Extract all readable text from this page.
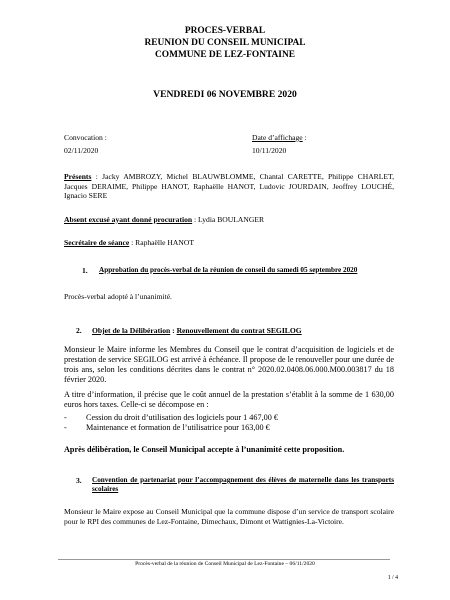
PROCES-VERBAL
REUNION DU CONSEIL MUNICIPAL
COMMUNE DE LEZ-FONTAINE
VENDREDI 06 NOVEMBRE 2020
Convocation :
02/11/2020
Date d’affichage :
10/11/2020
Présents : Jacky AMBROZY, Michel BLAUWBLOMME, Chantal CARETTE, Philippe CHARLET, Jacques DERAIME, Philippe HANOT, Raphaëlle HANOT, Ludovic JOURDAIN, Jeoffrey LOUCHÉ, Ignacio SERE
Absent excusé ayant donné procuration : Lydia BOULANGER
Secrétaire de séance : Raphaëlle HANOT
1. Approbation du procès-verbal de la réunion de conseil du samedi 05 septembre 2020
Procès-verbal adopté à l’unanimité.
2. Objet de la Délibération : Renouvellement du contrat SEGILOG
Monsieur le Maire informe les Membres du Conseil que le contrat d’acquisition de logiciels et de prestation de service SEGILOG est arrivé à échéance. Il propose de le renouveller pour une durée de trois ans, selon les conditions décrites dans le contrat n° 2020.02.0408.06.000.M00.003817 du 18 février 2020.
A titre d’information, il précise que le coût annuel de la prestation s’établit à la somme de 1 630,00 euros hors taxes. Celle-ci se décompose en :
- Cession du droit d’utilisation des logiciels pour 1 467,00 €
- Maintenance et formation de l’utilisatrice pour 163,00 €
Après délibération, le Conseil Municipal accepte à l’unanimité cette proposition.
3. Convention de partenariat pour l’accompagnement des élèves de maternelle dans les transports scolaires
Monsieur le Maire expose au Conseil Municipal que la commune dispose d’un service de transport scolaire pour le RPI des communes de Lez-Fontaine, Dimechaux, Dimont et Wattignies-La-Victoire.
Procès-verbal de la réunion de Conseil Municipal de Lez-Fontaine – 06/11/2020
1 / 4
